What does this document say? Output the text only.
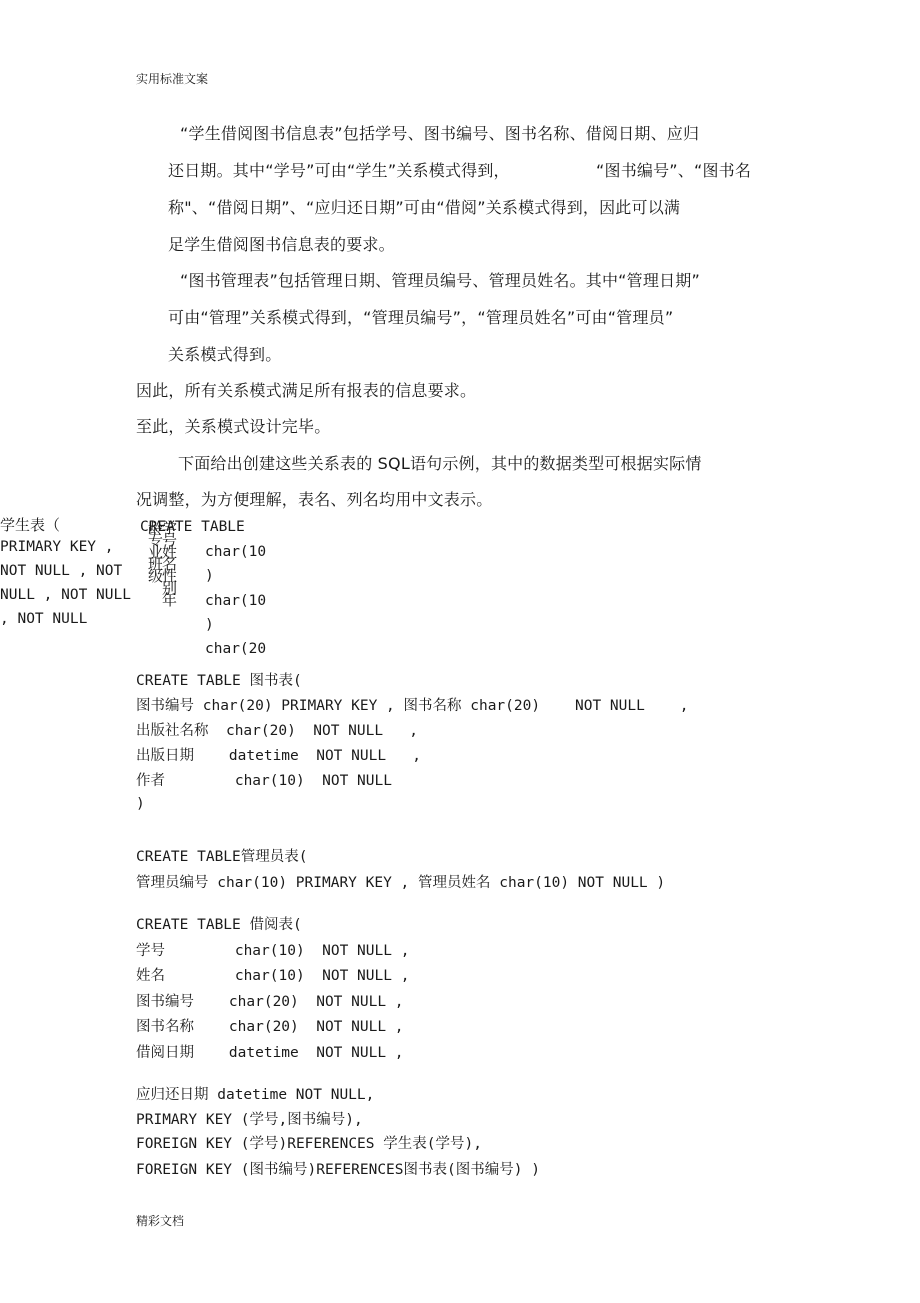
实用标准文案
“学生借阅图书信息表”包括学号、图书编号、图书名称、借阅日期、应归
还日期。其中“学号”可由“学生”关系模式得到，	“图书编号”、“图书名
称"、“借阅日期”、“应归还日期”可由“借阅”关系模式得到，因此可以满
足学生借阅图书信息表的要求。
“图书管理表”包括管理日期、管理员编号、管理员姓名。其中“管理日期”
可由“管理”关系模式得到，“管理员编号”，“管理员姓名”可由“管理员”
关系模式得到。
因此，所有关系模式满足所有报表的信息要求。
至此，关系模式设计完毕。
下面给出创建这些关系表的 SQL语句示例，其中的数据类型可根据实际情
况调整，为方便理解，表名、列名均用中文表示。
学生表（
PRIMARY KEY ,
NOT NULL , NOT
NULL , NOT NULL
, NOT NULL
CREATE TABLE
学号姓名性别年龄专业班级	char(10
)
char(10
)
char(20
CREATE TABLE 图书表(
图书编号 char(20) PRIMARY KEY , 图书名称 char(20)    NOT NULL    ,
出版社名称  char(20)  NOT NULL   ,
出版日期    datetime  NOT NULL   ,
作者        char(10)  NOT NULL
)
CREATE TABLE管理员表(
管理员编号 char(10) PRIMARY KEY , 管理员姓名 char(10) NOT NULL )
CREATE TABLE 借阅表(
学号        char(10)  NOT NULL ,
姓名        char(10)  NOT NULL ,
图书编号    char(20)  NOT NULL ,
图书名称    char(20)  NOT NULL ,
借阅日期    datetime  NOT NULL ,
应归还日期 datetime NOT NULL,
PRIMARY KEY (学号,图书编号),
FOREIGN KEY (学号)REFERENCES 学生表(学号),
FOREIGN KEY (图书编号)REFERENCES图书表(图书编号) )
精彩文档
